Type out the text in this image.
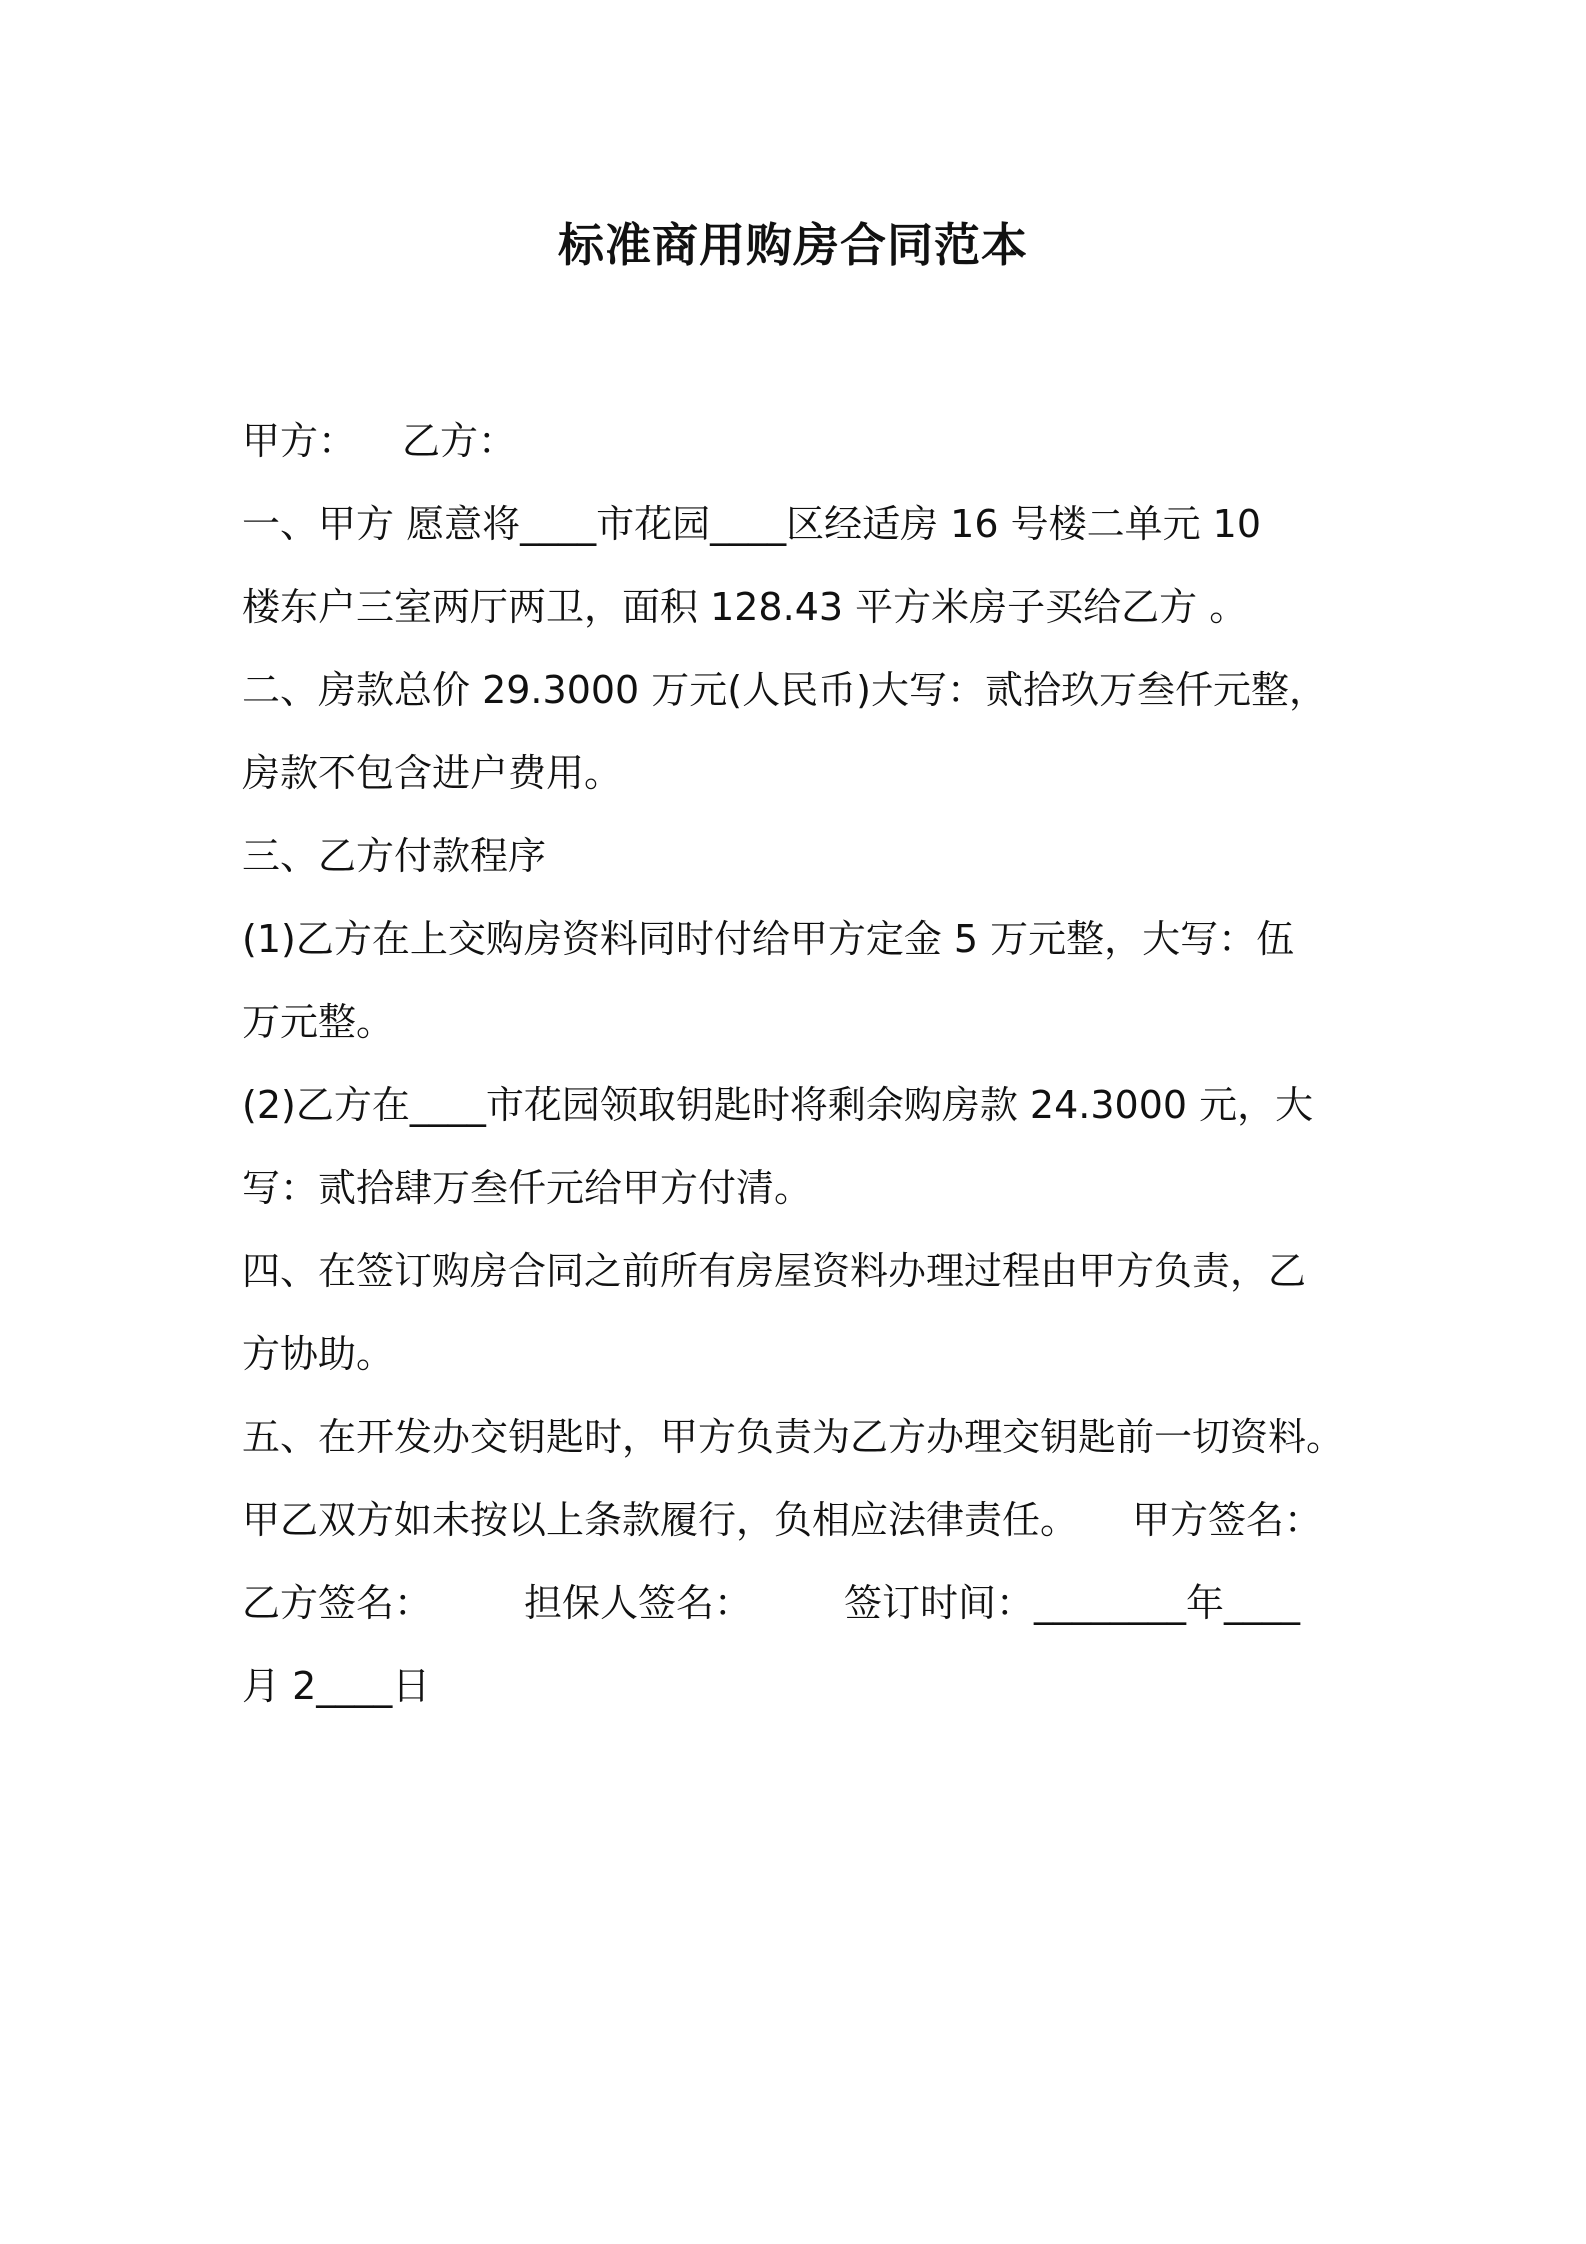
标准商用购房合同范本
甲方： 乙方：
一、甲方 愿意将____市花园____区经适房 16 号楼二单元 10
楼东户三室两厅两卫，面积 128.43 平方米房子买给乙方 。
二、房款总价 29.3000 万元(人民币)大写：贰拾玖万叁仟元整，
房款不包含进户费用。
三、乙方付款程序
(1)乙方在上交购房资料同时付给甲方定金 5 万元整，大写：伍
万元整。
(2)乙方在____市花园领取钥匙时将剩余购房款 24.3000 元，大
写：贰拾肆万叁仟元给甲方付清。
四、在签订购房合同之前所有房屋资料办理过程由甲方负责，乙
方协助。
五、在开发办交钥匙时，甲方负责为乙方办理交钥匙前一切资料。
甲乙双方如未按以上条款履行，负相应法律责任。 甲方签名：
乙方签名： 担保人签名： 签订时间：________年____
月 2____日
